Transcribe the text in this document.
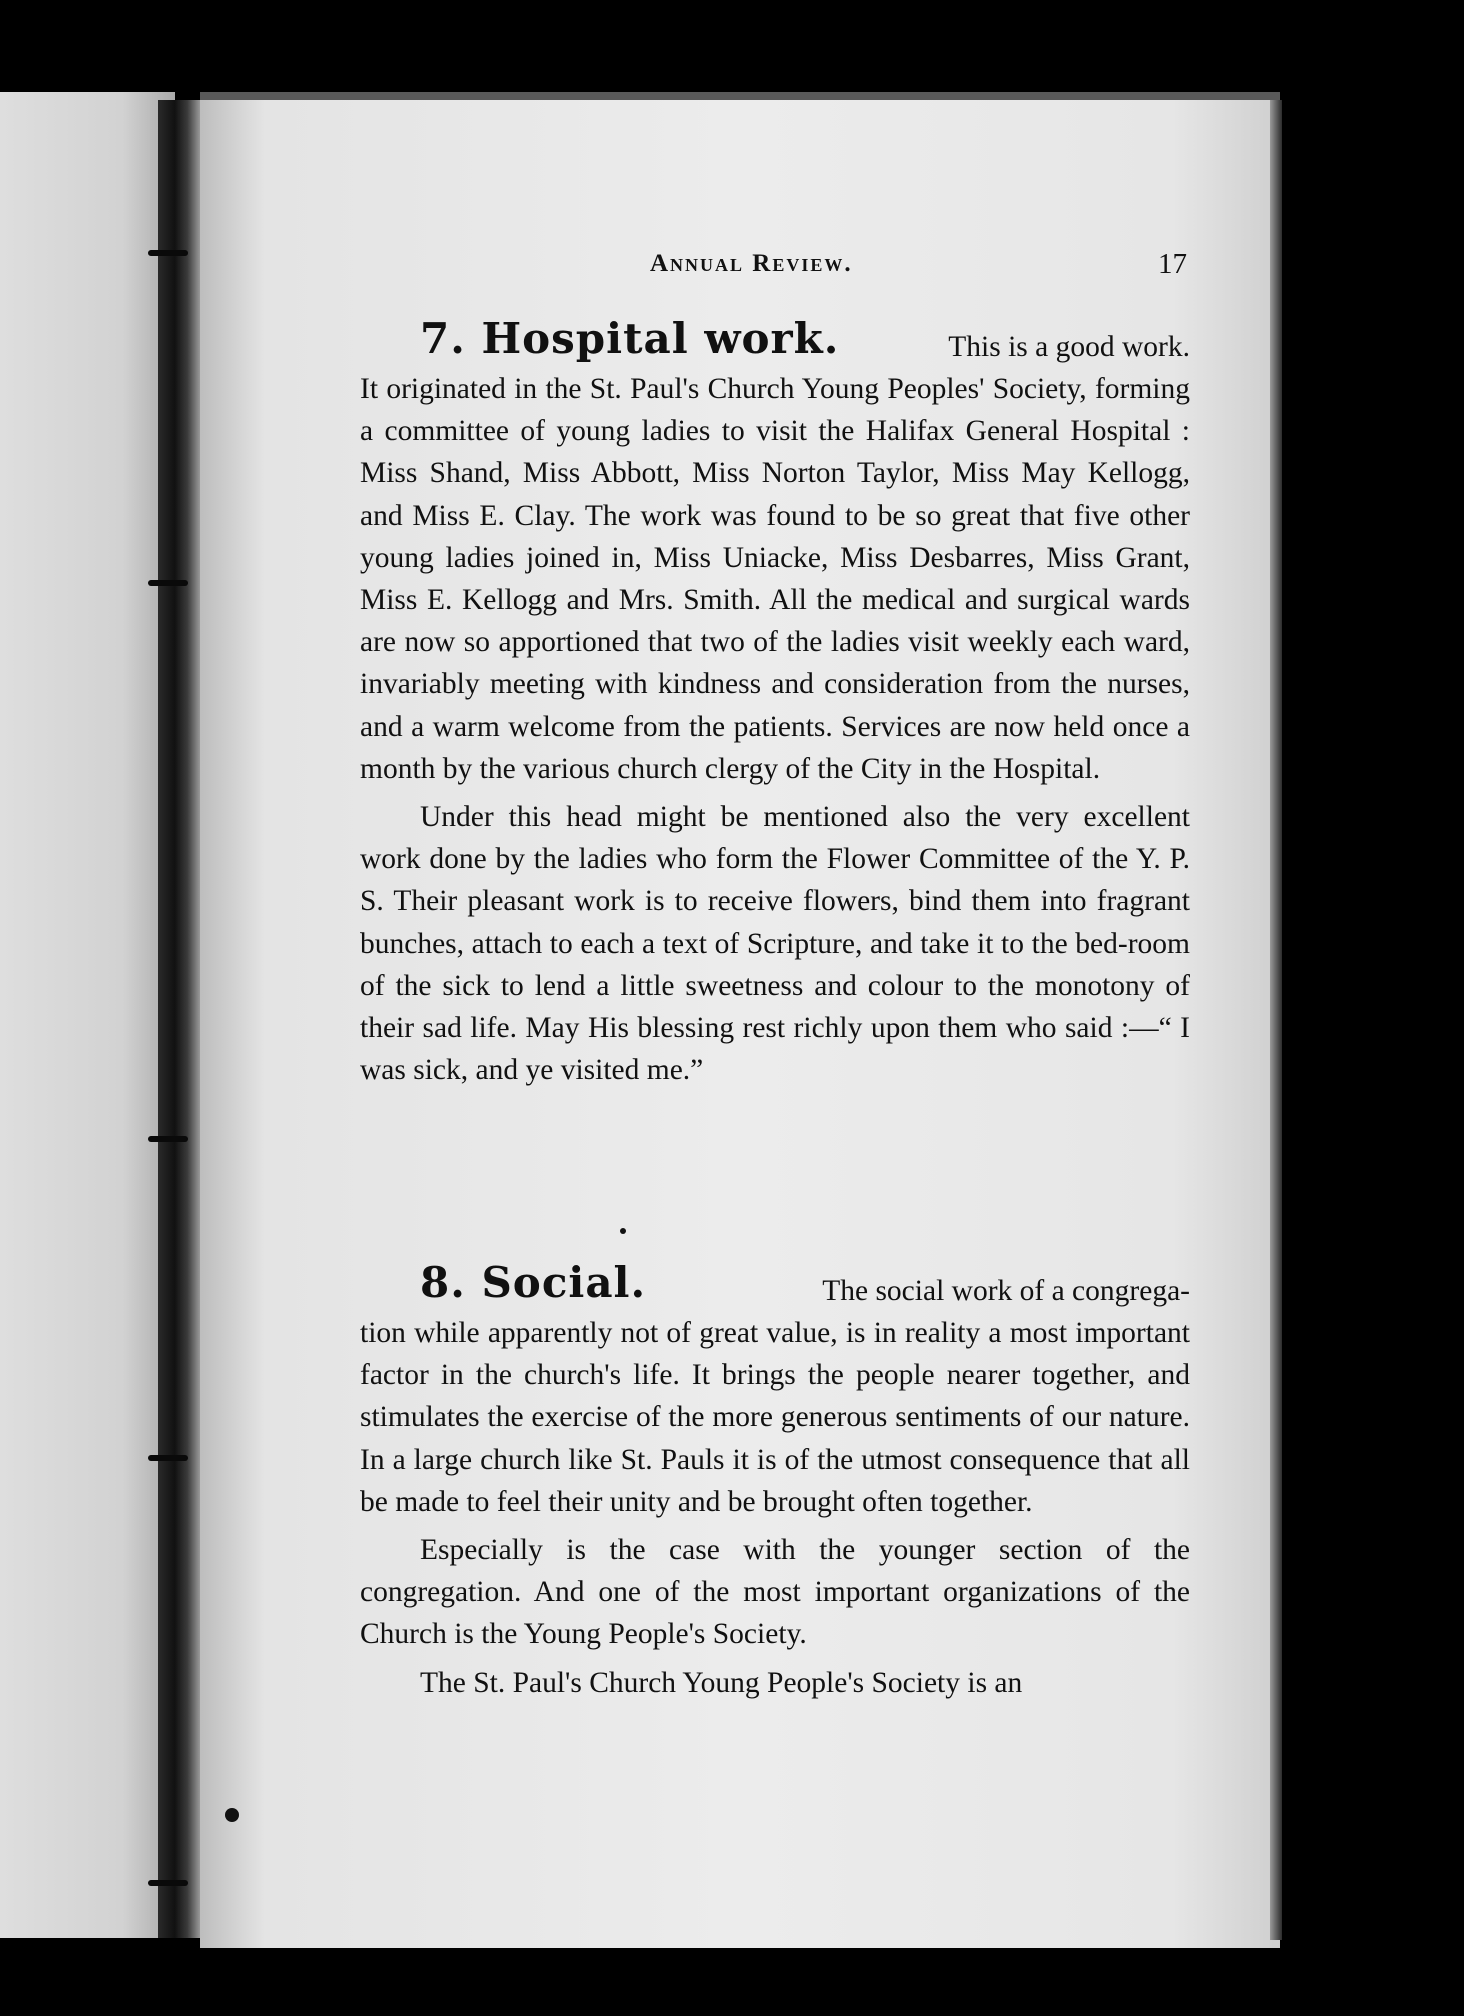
Annual Review.	17
7. Hospital work.	This is a good work.

It originated in the St. Paul's Church Young Peoples' Society, forming a committee of young ladies to visit the Halifax General Hospital : Miss Shand, Miss Abbott, Miss Norton Taylor, Miss May Kellogg, and Miss E. Clay. The work was found to be so great that five other young ladies joined in, Miss Uniacke, Miss Desbarres, Miss Grant, Miss E. Kellogg and Mrs. Smith. All the medical and surgical wards are now so apportioned that two of the ladies visit weekly each ward, invariably meeting with kindness and consideration from the nurses, and a warm welcome from the patients. Services are now held once a month by the various church clergy of the City in the Hospital.

Under this head might be mentioned also the very excellent work done by the ladies who form the Flower Committee of the Y. P. S. Their pleasant work is to receive flowers, bind them into fragrant bunches, attach to each a text of Scripture, and take it to the bed-room of the sick to lend a little sweetness and colour to the monotony of their sad life. May His blessing rest richly upon them who said :—“ I was sick, and ye visited me.”

8. Social.	The social work of a congrega-

tion while apparently not of great value, is in reality a most important factor in the church's life. It brings the people nearer together, and stimulates the exercise of the more generous sentiments of our nature. In a large church like St. Pauls it is of the utmost consequence that all be made to feel their unity and be brought often together.

Especially is the case with the younger section of the congregation. And one of the most important organizations of the Church is the Young People's Society.

The St. Paul's Church Young People's Society is an
